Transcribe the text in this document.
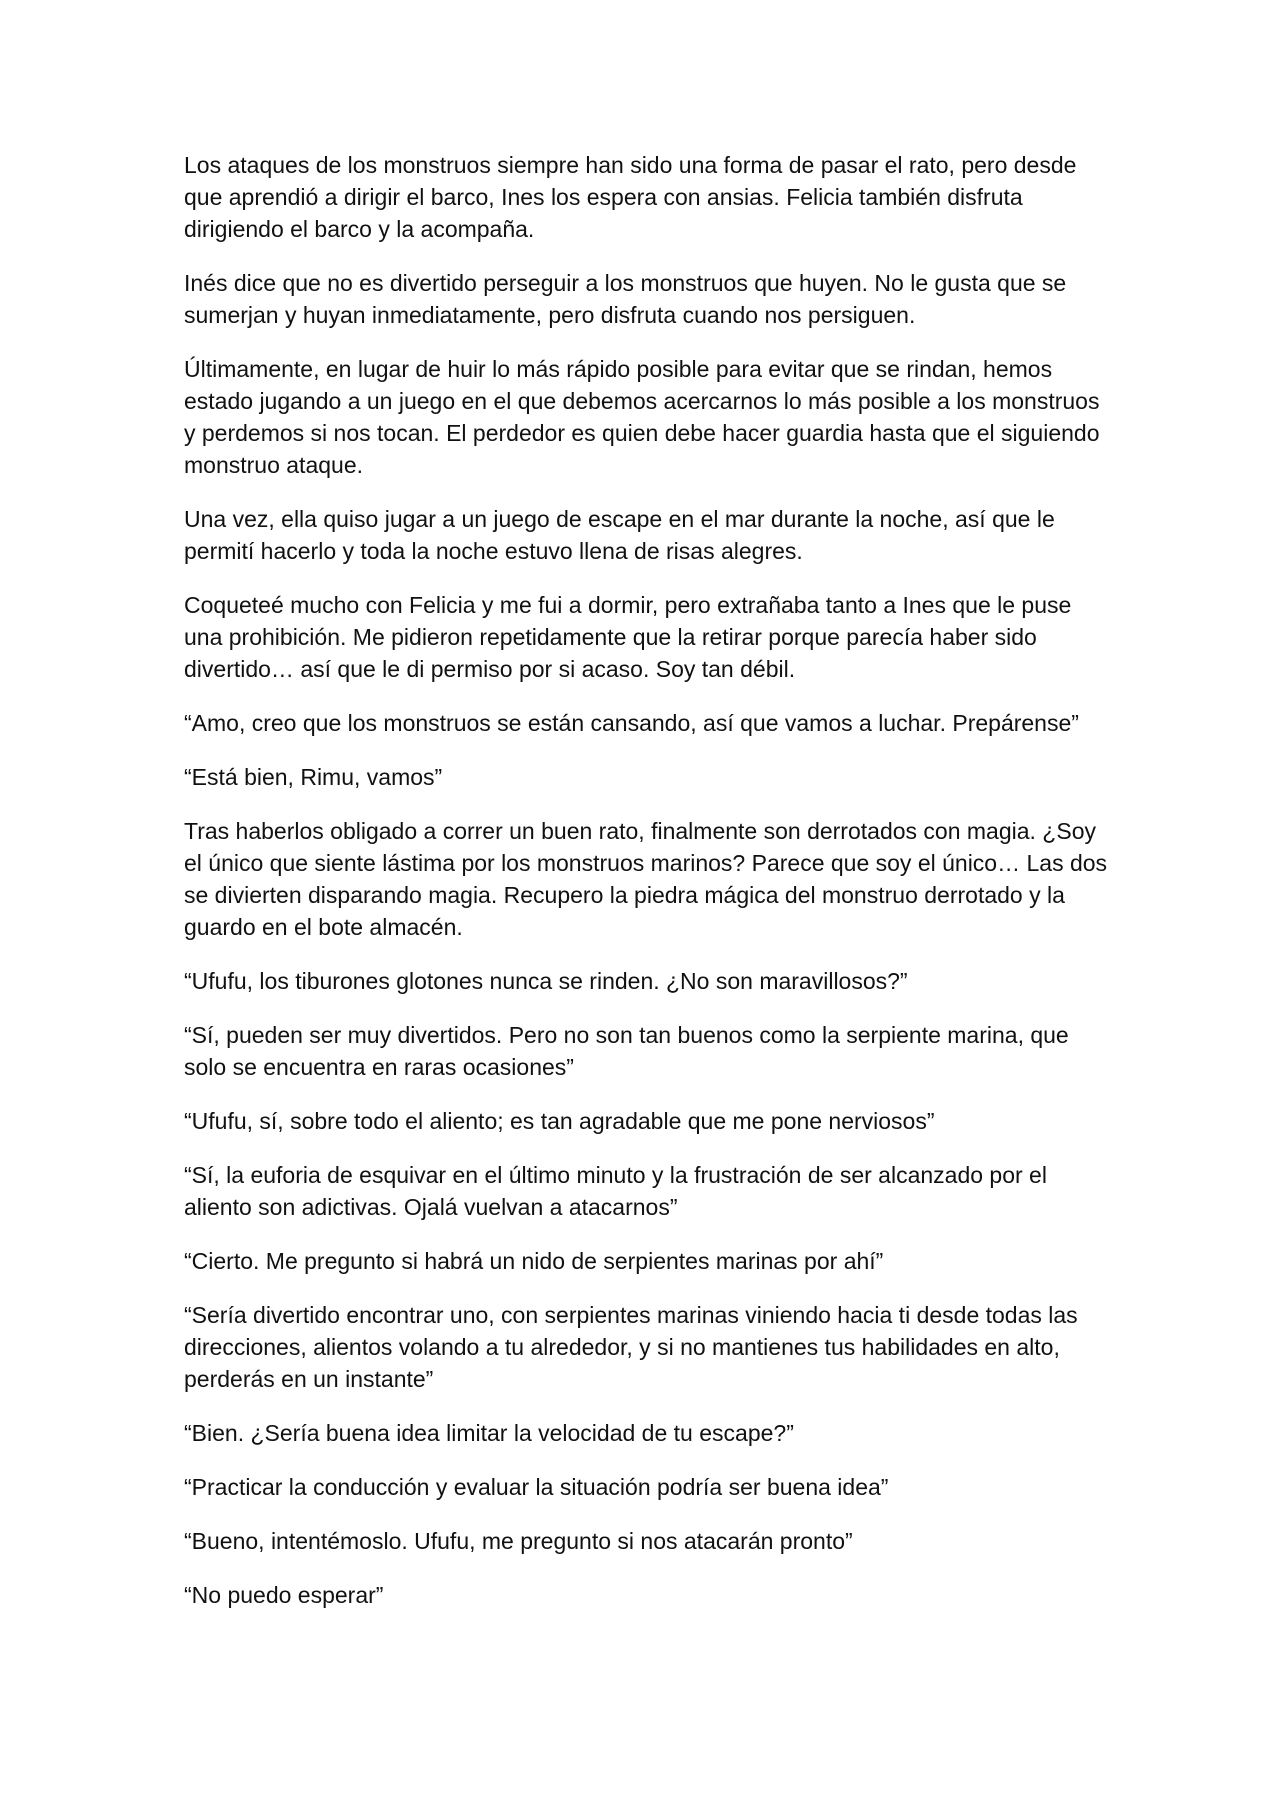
Los ataques de los monstruos siempre han sido una forma de pasar el rato, pero desde que aprendió a dirigir el barco, Ines los espera con ansias. Felicia también disfruta dirigiendo el barco y la acompaña.

Inés dice que no es divertido perseguir a los monstruos que huyen. No le gusta que se sumerjan y huyan inmediatamente, pero disfruta cuando nos persiguen.

Últimamente, en lugar de huir lo más rápido posible para evitar que se rindan, hemos estado jugando a un juego en el que debemos acercarnos lo más posible a los monstruos y perdemos si nos tocan. El perdedor es quien debe hacer guardia hasta que el siguiendo monstruo ataque.

Una vez, ella quiso jugar a un juego de escape en el mar durante la noche, así que le permití hacerlo y toda la noche estuvo llena de risas alegres.

Coqueteé mucho con Felicia y me fui a dormir, pero extrañaba tanto a Ines que le puse una prohibición. Me pidieron repetidamente que la retirar porque parecía haber sido divertido… así que le di permiso por si acaso. Soy tan débil.

“Amo, creo que los monstruos se están cansando, así que vamos a luchar. Prepárense”

“Está bien, Rimu, vamos”

Tras haberlos obligado a correr un buen rato, finalmente son derrotados con magia. ¿Soy el único que siente lástima por los monstruos marinos? Parece que soy el único… Las dos se divierten disparando magia. Recupero la piedra mágica del monstruo derrotado y la guardo en el bote almacén.

“Ufufu, los tiburones glotones nunca se rinden. ¿No son maravillosos?”

“Sí, pueden ser muy divertidos. Pero no son tan buenos como la serpiente marina, que solo se encuentra en raras ocasiones”

“Ufufu, sí, sobre todo el aliento; es tan agradable que me pone nerviosos”

“Sí, la euforia de esquivar en el último minuto y la frustración de ser alcanzado por el aliento son adictivas. Ojalá vuelvan a atacarnos”

“Cierto. Me pregunto si habrá un nido de serpientes marinas por ahí”

“Sería divertido encontrar uno, con serpientes marinas viniendo hacia ti desde todas las direcciones, alientos volando a tu alrededor, y si no mantienes tus habilidades en alto, perderás en un instante”

“Bien. ¿Sería buena idea limitar la velocidad de tu escape?”

“Practicar la conducción y evaluar la situación podría ser buena idea”

“Bueno, intentémoslo. Ufufu, me pregunto si nos atacarán pronto”

“No puedo esperar”
